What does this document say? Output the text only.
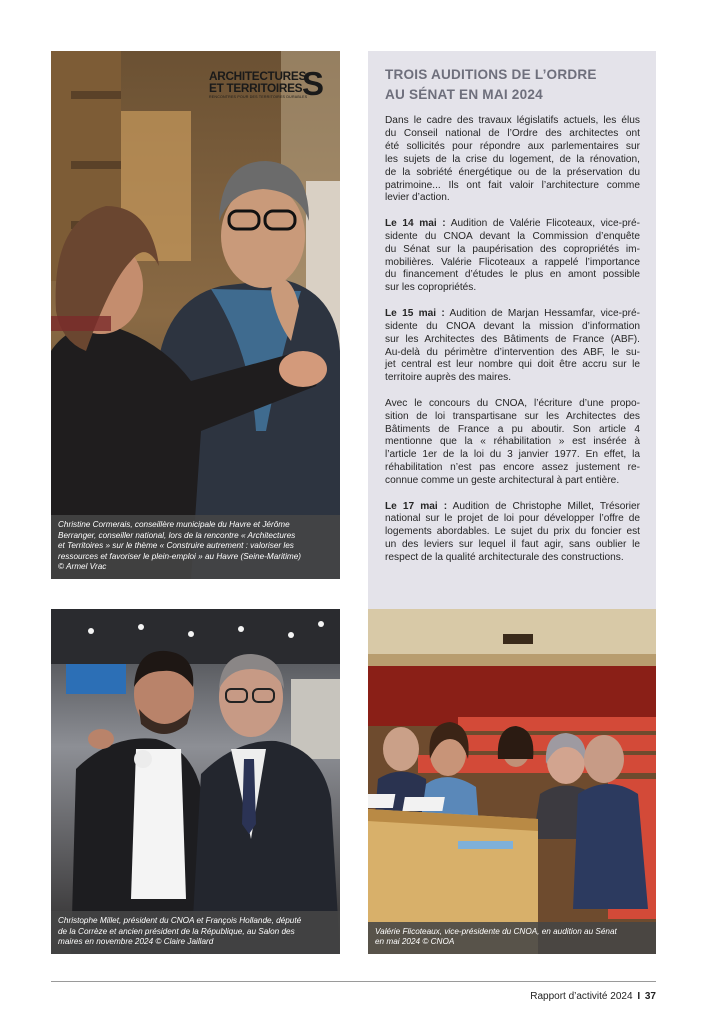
ARCHITECTURES
ET TERRITOIRES S
RENCONTRES POUR DES TERRITOIRES DURABLES
Christine Cormerais, conseillère municipale du Havre et Jérôme
Berranger, conseiller national, lors de la rencontre « Architectures
et Territoires » sur le thème « Construire autrement : valoriser les
ressources et favoriser le plein-emploi » au Havre (Seine-Maritime)
© Armel Vrac
TROIS AUDITIONS DE L’ORDRE
AU SÉNAT EN MAI 2024
Dans le cadre des travaux législatifs actuels, les élus
du Conseil national de l’Ordre des architectes ont
été sollicités pour répondre aux parlementaires sur
les sujets de la crise du logement, de la rénovation,
de la sobriété énergétique ou de la préservation du
patrimoine... Ils ont fait valoir l’architecture comme
levier d’action.
Le 14 mai : Audition de Valérie Flicoteaux, vice-pré-
sidente du CNOA devant la Commission d’enquête
du Sénat sur la paupérisation des copropriétés im-
mobilières. Valérie Flicoteaux a rappelé l’importance
du financement d’études le plus en amont possible
sur les copropriétés.
Le 15 mai : Audition de Marjan Hessamfar, vice-pré-
sidente du CNOA devant la mission d’information
sur les Architectes des Bâtiments de France (ABF).
Au-delà du périmètre d’intervention des ABF, le su-
jet central est leur nombre qui doit être accru sur le
territoire auprès des maires.
Avec le concours du CNOA, l’écriture d’une propo-
sition de loi transpartisane sur les Architectes des
Bâtiments de France a pu aboutir. Son article 4
mentionne que la « réhabilitation » est insérée à
l’article 1er de la loi du 3 janvier 1977. En effet, la
réhabilitation n’est pas encore assez justement re-
connue comme un geste architectural à part entière.
Le 17 mai : Audition de Christophe Millet, Trésorier
national sur le projet de loi pour développer l’offre de
logements abordables. Le sujet du prix du foncier est
un des leviers sur lequel il faut agir, sans oublier le
respect de la qualité architecturale des constructions.
Christophe Millet, président du CNOA et François Hollande, député
de la Corrèze et ancien président de la République, au Salon des
maires en novembre 2024 © Claire Jaillard
Valérie Flicoteaux, vice-présidente du CNOA, en audition au Sénat
en mai 2024 © CNOA
Rapport d’activité 2024 I 37
